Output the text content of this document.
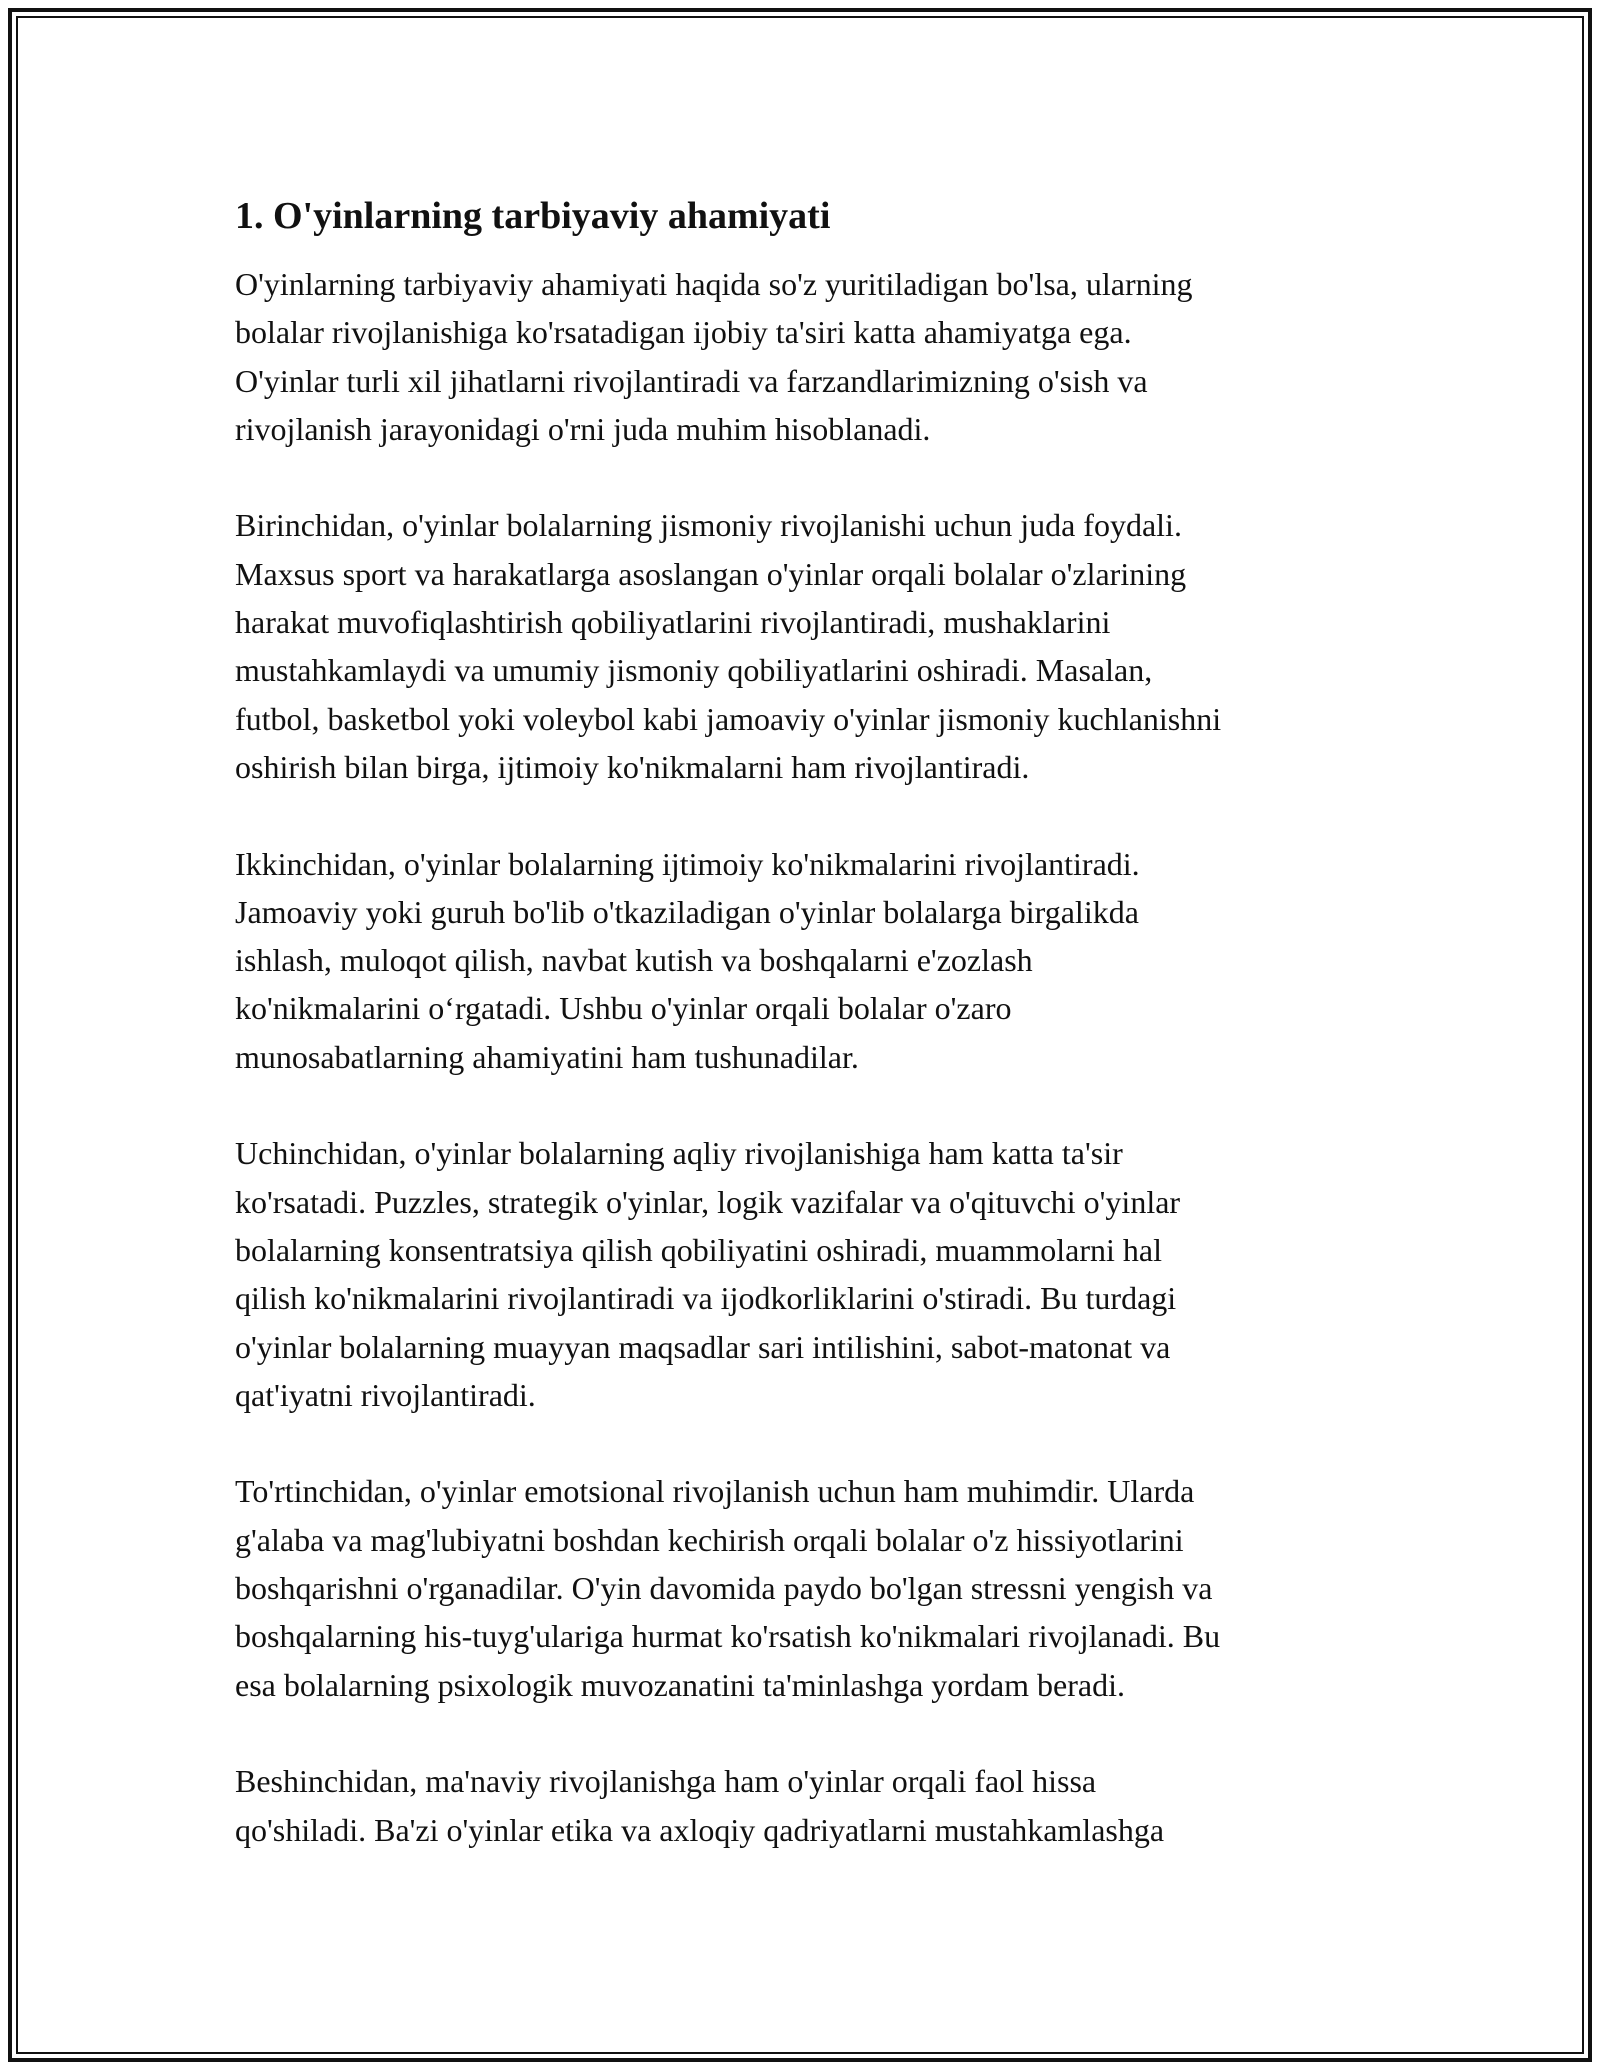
1. O'yinlarning tarbiyaviy ahamiyati
O'yinlarning tarbiyaviy ahamiyati haqida so'z yuritiladigan bo'lsa, ularning
bolalar rivojlanishiga ko'rsatadigan ijobiy ta'siri katta ahamiyatga ega.
O'yinlar turli xil jihatlarni rivojlantiradi va farzandlarimizning o'sish va
rivojlanish jarayonidagi o'rni juda muhim hisoblanadi.
Birinchidan, o'yinlar bolalarning jismoniy rivojlanishi uchun juda foydali.
Maxsus sport va harakatlarga asoslangan o'yinlar orqali bolalar o'zlarining
harakat muvofiqlashtirish qobiliyatlarini rivojlantiradi, mushaklarini
mustahkamlaydi va umumiy jismoniy qobiliyatlarini oshiradi. Masalan,
futbol, basketbol yoki voleybol kabi jamoaviy o'yinlar jismoniy kuchlanishni
oshirish bilan birga, ijtimoiy ko'nikmalarni ham rivojlantiradi.
Ikkinchidan, o'yinlar bolalarning ijtimoiy ko'nikmalarini rivojlantiradi.
Jamoaviy yoki guruh bo'lib o'tkaziladigan o'yinlar bolalarga birgalikda
ishlash, muloqot qilish, navbat kutish va boshqalarni e'zozlash
ko'nikmalarini o‘rgatadi. Ushbu o'yinlar orqali bolalar o'zaro
munosabatlarning ahamiyatini ham tushunadilar.
Uchinchidan, o'yinlar bolalarning aqliy rivojlanishiga ham katta ta'sir
ko'rsatadi. Puzzles, strategik o'yinlar, logik vazifalar va o'qituvchi o'yinlar
bolalarning konsentratsiya qilish qobiliyatini oshiradi, muammolarni hal
qilish ko'nikmalarini rivojlantiradi va ijodkorliklarini o'stiradi. Bu turdagi
o'yinlar bolalarning muayyan maqsadlar sari intilishini, sabot-matonat va
qat'iyatni rivojlantiradi.
To'rtinchidan, o'yinlar emotsional rivojlanish uchun ham muhimdir. Ularda
g'alaba va mag'lubiyatni boshdan kechirish orqali bolalar o'z hissiyotlarini
boshqarishni o'rganadilar. O'yin davomida paydo bo'lgan stressni yengish va
boshqalarning his-tuyg'ulariga hurmat ko'rsatish ko'nikmalari rivojlanadi. Bu
esa bolalarning psixologik muvozanatini ta'minlashga yordam beradi.
Beshinchidan, ma'naviy rivojlanishga ham o'yinlar orqali faol hissa
qo'shiladi. Ba'zi o'yinlar etika va axloqiy qadriyatlarni mustahkamlashga
